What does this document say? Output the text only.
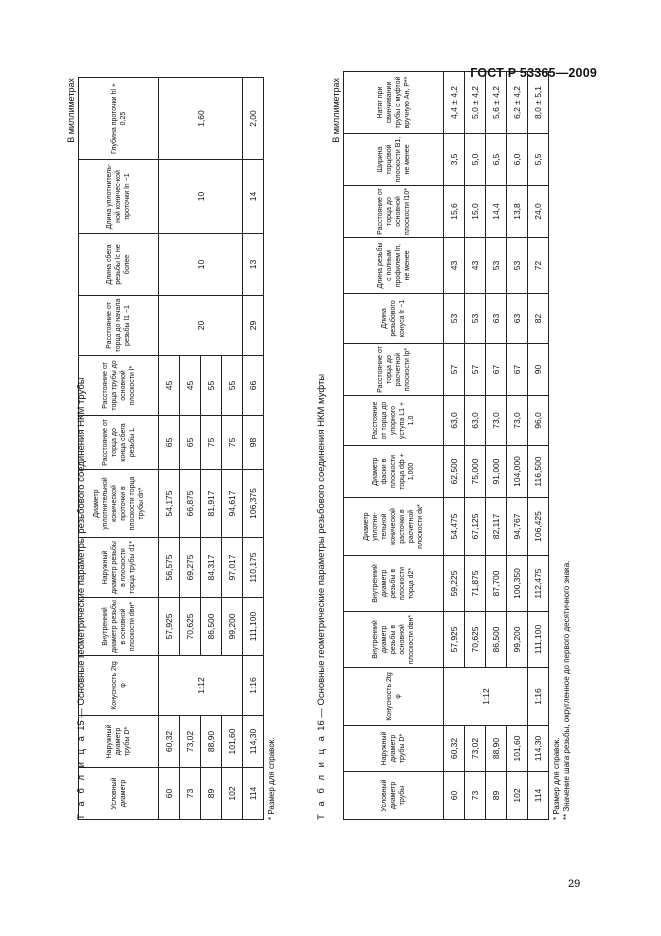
ГОСТ Р 53365—2009
В миллиметрах
Условный диаметр	Наружный диаметр трубы D*	Конусность 2tg φ	Внутренний диаметр резьбы в основной плоскости dвн*	Наружный диаметр резьбы в плоскости торца трубы d1*	Диаметр уплотнительной конической проточки в плоскости торца трубы dn*	Расстояние от торца до конца сбега резьбы L	Расстояние от торца трубы до основной плоскости l*	Расстояние от торца до начала резьбы l1 −1	Длина сбега резьбы lс не более	Длина уплотнитель-ной коничес-кой проточки ln −1	Глубина проточки hl + 0,25
60	60,32	1:12	57,925	56,575	54,175	65	45	20	10	10	1,60
73	73,02		70,625	69,275	66,875	65	45				
89	88,90		86,500	84,317	81,917	75	55				
102	101,60		99,200	97,017	94,617	75	55				
114	114,30	1:16	111,100	110,175	106,375	98	66	29	13	14	2,00
* Размер для справок.
Т а б л и ц а 15 — Основные геометрические параметры резьбового соединения НКМ трубы
В миллиметрах
Условный диаметр трубы	Наружный диаметр трубы D*	Конусность 2tg φ	Внутренний диаметр резьбы в основной плоскости dвн*	Внутренний диаметр резьбы в плоскости торца d2*	Диаметр уплотни-тельной конической расточки в расчетной плоскости dк*	Диаметр фаски в плоскости торца dф + 1,000	Расстояние от торца до упорного уступа L1 + 1,0	Расстояние от торца до расчетной плоскости lр*	Длина резьбового конуса lr −1	Длина резьбы с полным профилем lп, не менее	Расстояние от торца до основной плоскости l10*	Ширина торцовой плоскости B1, не менее	Натяг при свинчивании трубы с муфтой вручную Aн, P**
60	60,32	1:12	57,925	59,225	54,475	62,500	63,0	57	53	43	15,6	3,5	4,4 ± 4,2
73	73,02		70,625	71,875	67,125	75,000	63,0	57	53	43	15,0	5,0	5,0 ± 4,2
89	88,90		86,500	87,700	82,117	91,000	73,0	67	63	53	14,4	6,5	5,6 ± 4,2
102	101,60		99,200	100,350	94,767	104,000	73,0	67	63	53	13,8	6,0	6,2 ± 4,2
114	114,30	1:16	111,100	112,475	106,425	116,500	96,0	90	82	72	24,0	5,5	8,0 ± 5,1
* Размер для справок. ** Значение шага резьбы, округленное до первого десятичного знака.
Т а б л и ц а 16 — Основные геометрические параметры резьбового соединения НКМ муфты
29
